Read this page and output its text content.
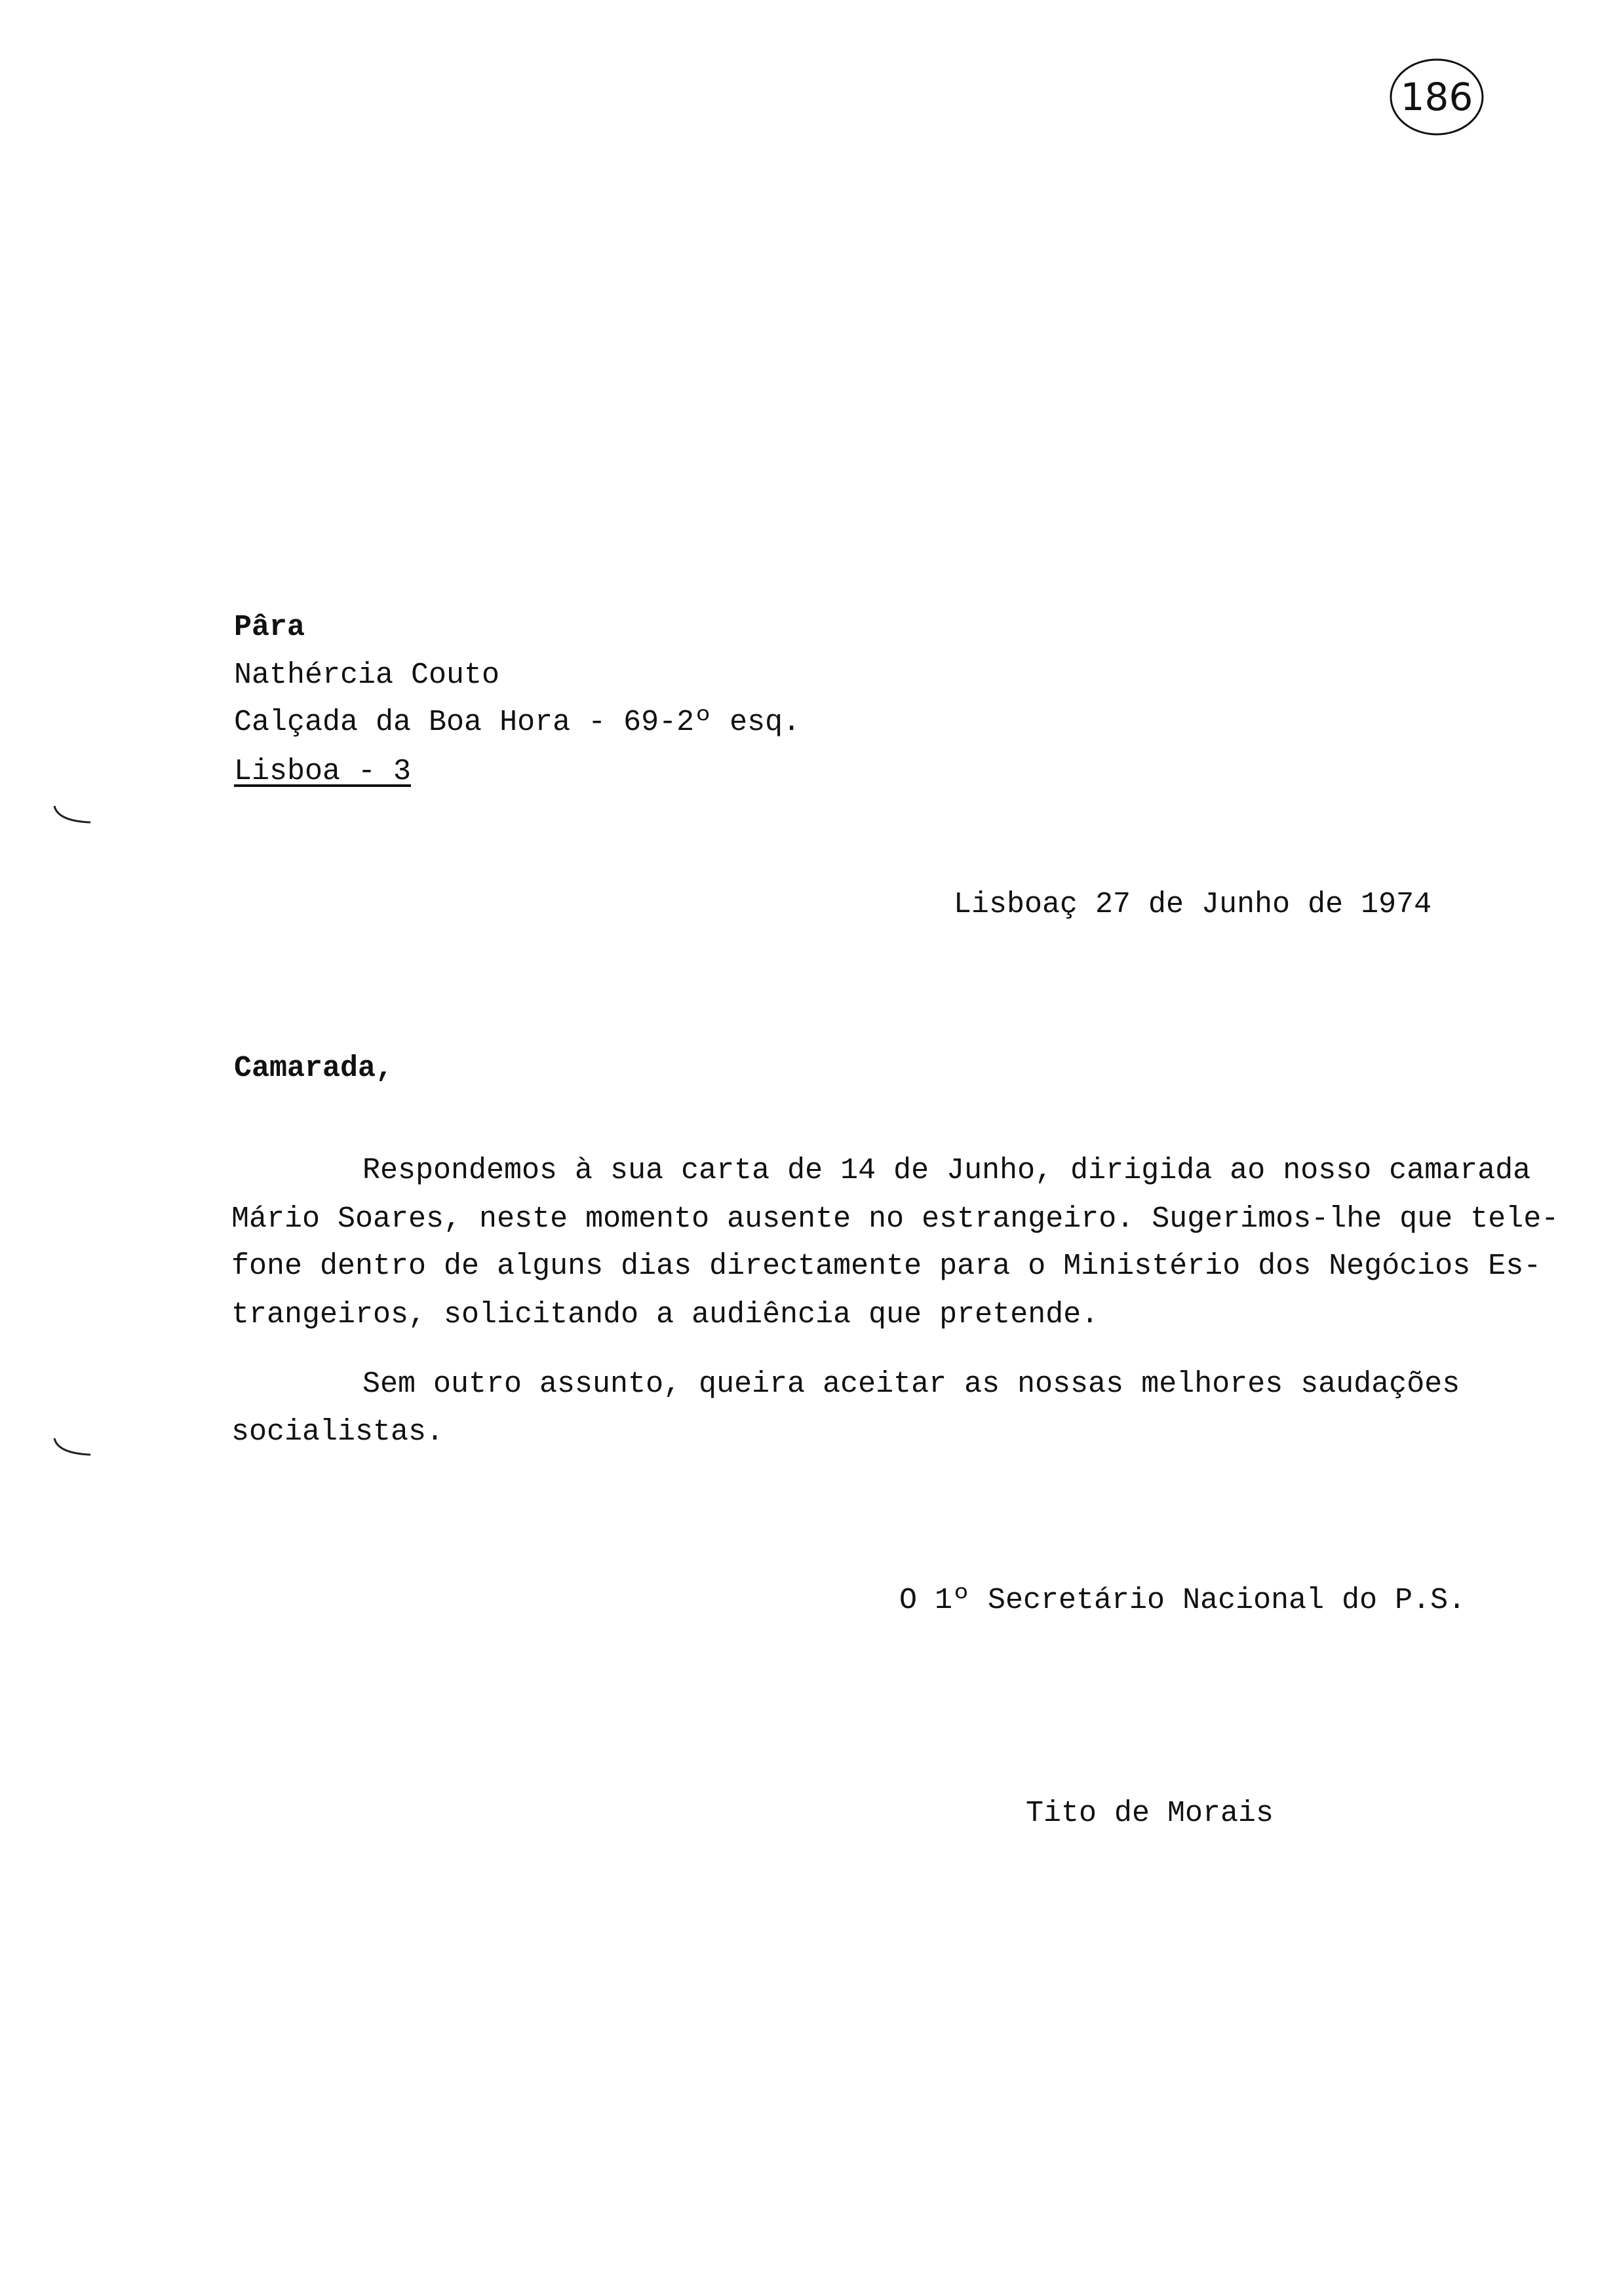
186
Pâra
Nathércia Couto
Calçada da Boa Hora - 69-2º esq.
Lisboa - 3
Lisboaç 27 de Junho de 1974
Camarada,
Respondemos à sua carta de 14 de Junho, dirigida ao nosso camarada
Mário Soares, neste momento ausente no estrangeiro. Sugerimos-lhe que tele-
fone dentro de alguns dias directamente para o Ministério dos Negócios Es-
trangeiros, solicitando a audiência que pretende.
Sem outro assunto, queira aceitar as nossas melhores saudações
socialistas.
O 1º Secretário Nacional do P.S.
Tito de Morais
